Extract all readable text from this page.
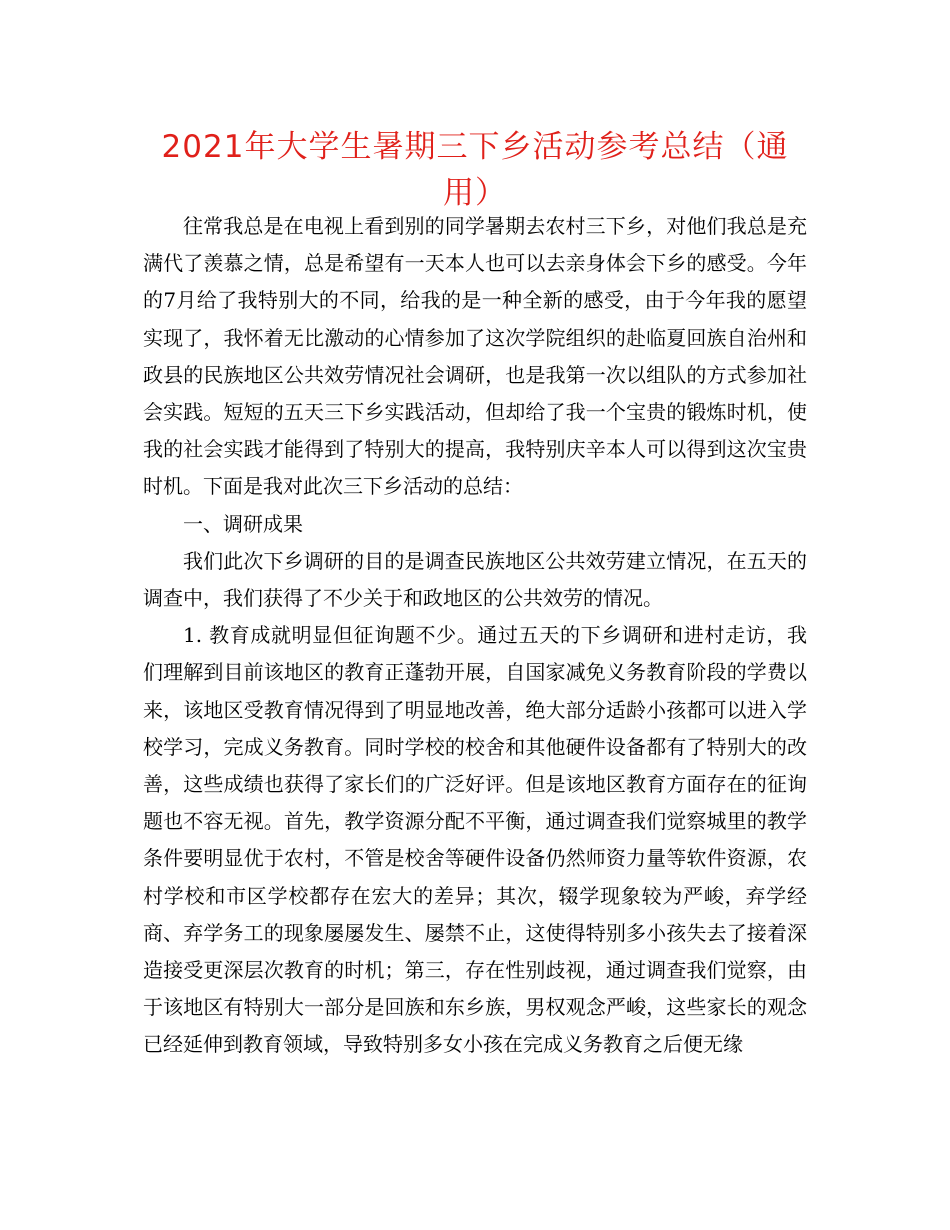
2021年大学生暑期三下乡活动参考总结（通用）

往常我总是在电视上看到别的同学暑期去农村三下乡，对他们我总是充满代了羡慕之情，总是希望有一天本人也可以去亲身体会下乡的感受。今年的7月给了我特别大的不同，给我的是一种全新的感受，由于今年我的愿望实现了，我怀着无比激动的心情参加了这次学院组织的赴临夏回族自治州和政县的民族地区公共效劳情况社会调研，也是我第一次以组队的方式参加社会实践。短短的五天三下乡实践活动，但却给了我一个宝贵的锻炼时机，使我的社会实践才能得到了特别大的提高，我特别庆辛本人可以得到这次宝贵时机。下面是我对此次三下乡活动的总结：

一、调研成果

我们此次下乡调研的目的是调查民族地区公共效劳建立情况，在五天的调查中，我们获得了不少关于和政地区的公共效劳的情况。

1. 教育成就明显但征询题不少。通过五天的下乡调研和进村走访，我们理解到目前该地区的教育正蓬勃开展，自国家减免义务教育阶段的学费以来，该地区受教育情况得到了明显地改善，绝大部分适龄小孩都可以进入学校学习，完成义务教育。同时学校的校舍和其他硬件设备都有了特别大的改善，这些成绩也获得了家长们的广泛好评。但是该地区教育方面存在的征询题也不容无视。首先，教学资源分配不平衡，通过调查我们觉察城里的教学条件要明显优于农村，不管是校舍等硬件设备仍然师资力量等软件资源，农村学校和市区学校都存在宏大的差异；其次，辍学现象较为严峻，弃学经商、弃学务工的现象屡屡发生、屡禁不止，这使得特别多小孩失去了接着深造接受更深层次教育的时机；第三，存在性别歧视，通过调查我们觉察，由于该地区有特别大一部分是回族和东乡族，男权观念严峻，这些家长的观念已经延伸到教育领域，导致特别多女小孩在完成义务教育之后便无缘
